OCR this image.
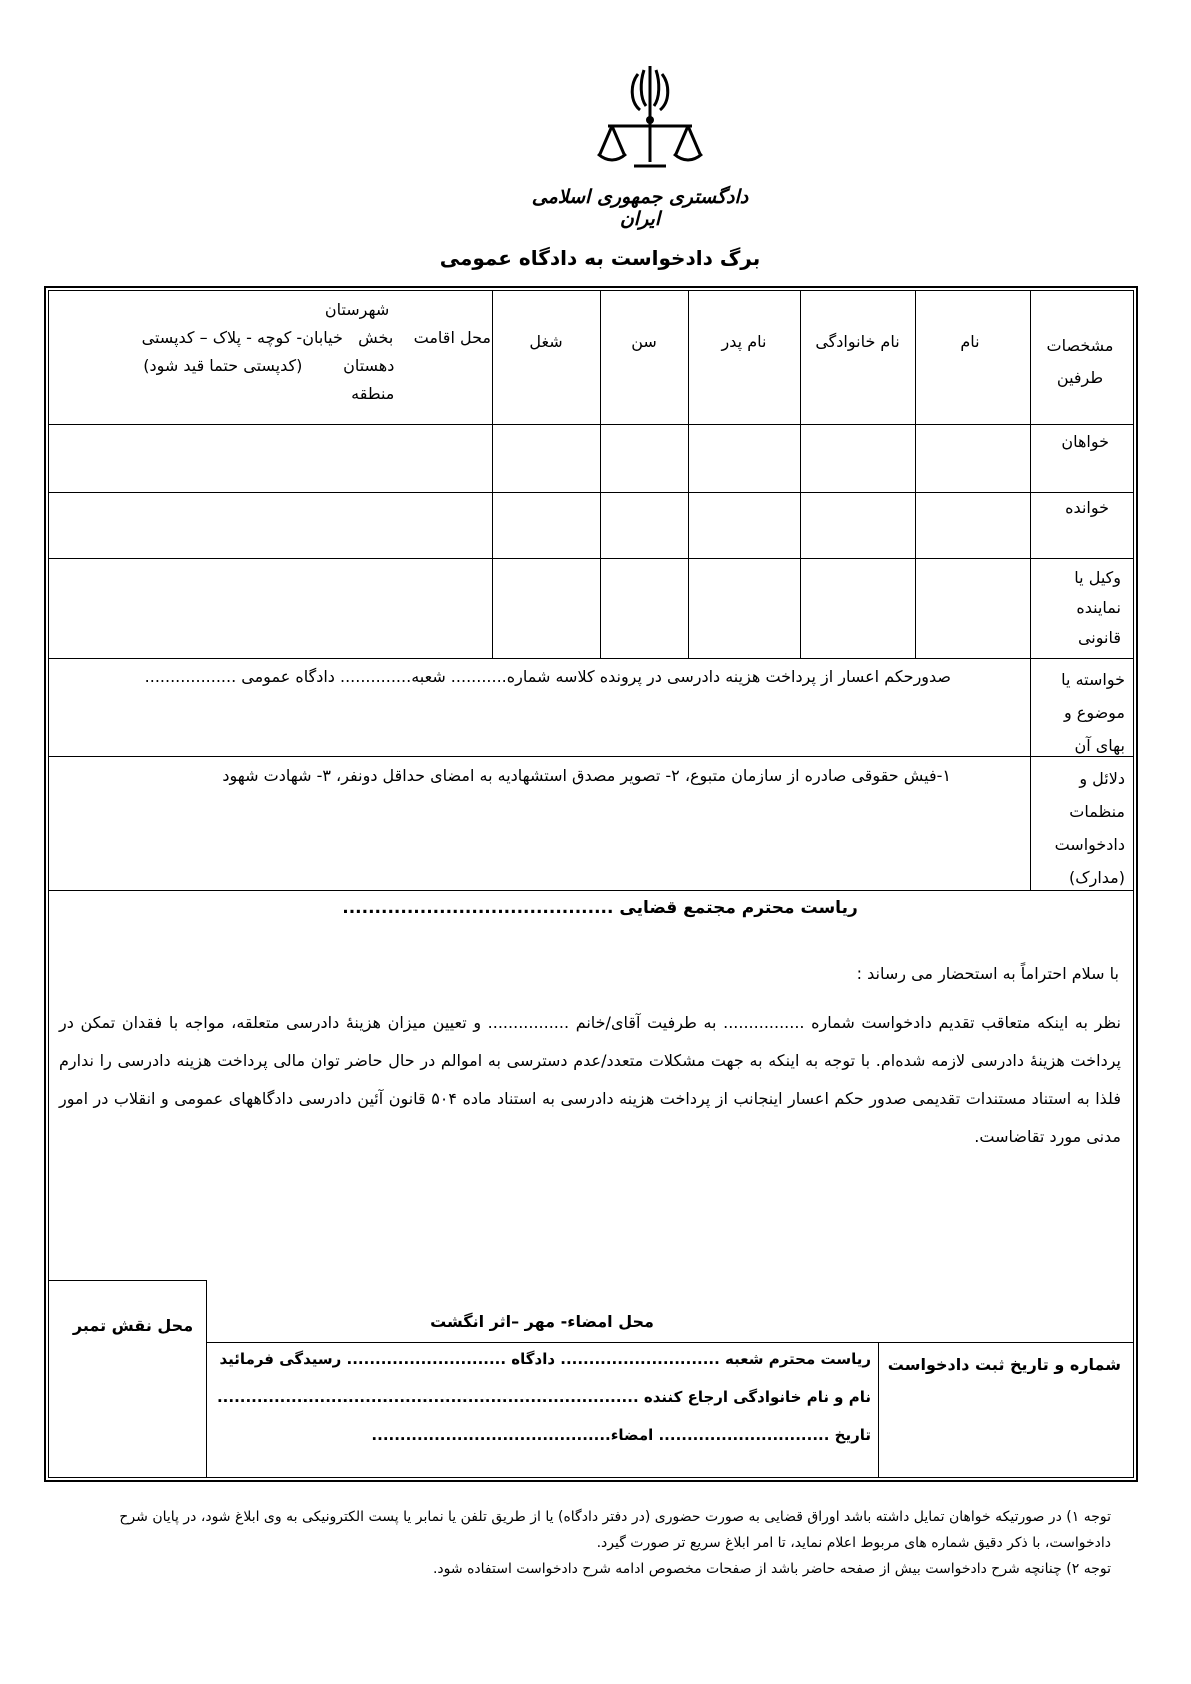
دادگستری جمهوری اسلامی ایران
برگ دادخواست به دادگاه عمومی
مشخصات طرفین
نام
نام خانوادگی
نام پدر
سن
شغل
شهرستان
محل اقامت    بخش   خیابان- کوچه - پلاک – کدپستی
دهستان        (کدپستی حتما قید شود)
منطقه
خواهان
خوانده
وکیل یا نماینده قانونی
خواسته یا موضوع و بهای آن
دلائل و منظمات دادخواست (مدارک)
صدورحکم اعسار از پرداخت هزینه دادرسی در پرونده کلاسه شماره........... شعبه.............. دادگاه عمومی ..................
۱-فیش حقوقی صادره از سازمان متبوع، ۲- تصویر مصدق استشهادیه به امضای حداقل دونفر، ۳- شهادت شهود
ریاست محترم مجتمع قضایی ..........................................
با سلام احتراماً به استحضار می رساند :
نظر به اینکه متعاقب تقدیم دادخواست شماره ................ به طرفیت آقای/خانم ................ و تعیین میزان هزینهٔ دادرسی متعلقه، مواجه با فقدان تمکن در پرداخت هزینهٔ دادرسی لازمه شده‌ام. با توجه به اینکه به جهت مشکلات متعدد/عدم دسترسی به اموالم در حال حاضر توان مالی پرداخت هزینه دادرسی را ندارم فلذا به استناد مستندات تقدیمی صدور حکم اعسار اینجانب از پرداخت هزینه دادرسی به استناد ماده ۵۰۴ قانون آئین دادرسی دادگاههای عمومی و انقلاب در امور مدنی مورد تقاضاست.
محل نقش تمبر	محل امضاء- مهر –اثر انگشت
شماره و تاریخ ثبت دادخواست
ریاست محترم شعبه ............................ دادگاه ............................ رسیدگی فرمائید
نام و نام خانوادگی ارجاع کننده ..........................................................................
تاریخ .............................. امضاء..........................................
توجه ۱) در صورتیکه خواهان تمایل داشته باشد اوراق قضایی به صورت حضوری (در دفتر دادگاه) یا از طریق تلفن یا نمابر یا پست الکترونیکی به وی ابلاغ شود، در پایان شرح دادخواست، با ذکر دقیق شماره های مربوط اعلام نماید، تا امر ابلاغ سریع تر صورت گیرد.
توجه ۲) چنانچه شرح دادخواست بیش از صفحه حاضر باشد از صفحات مخصوص ادامه شرح دادخواست استفاده شود.
